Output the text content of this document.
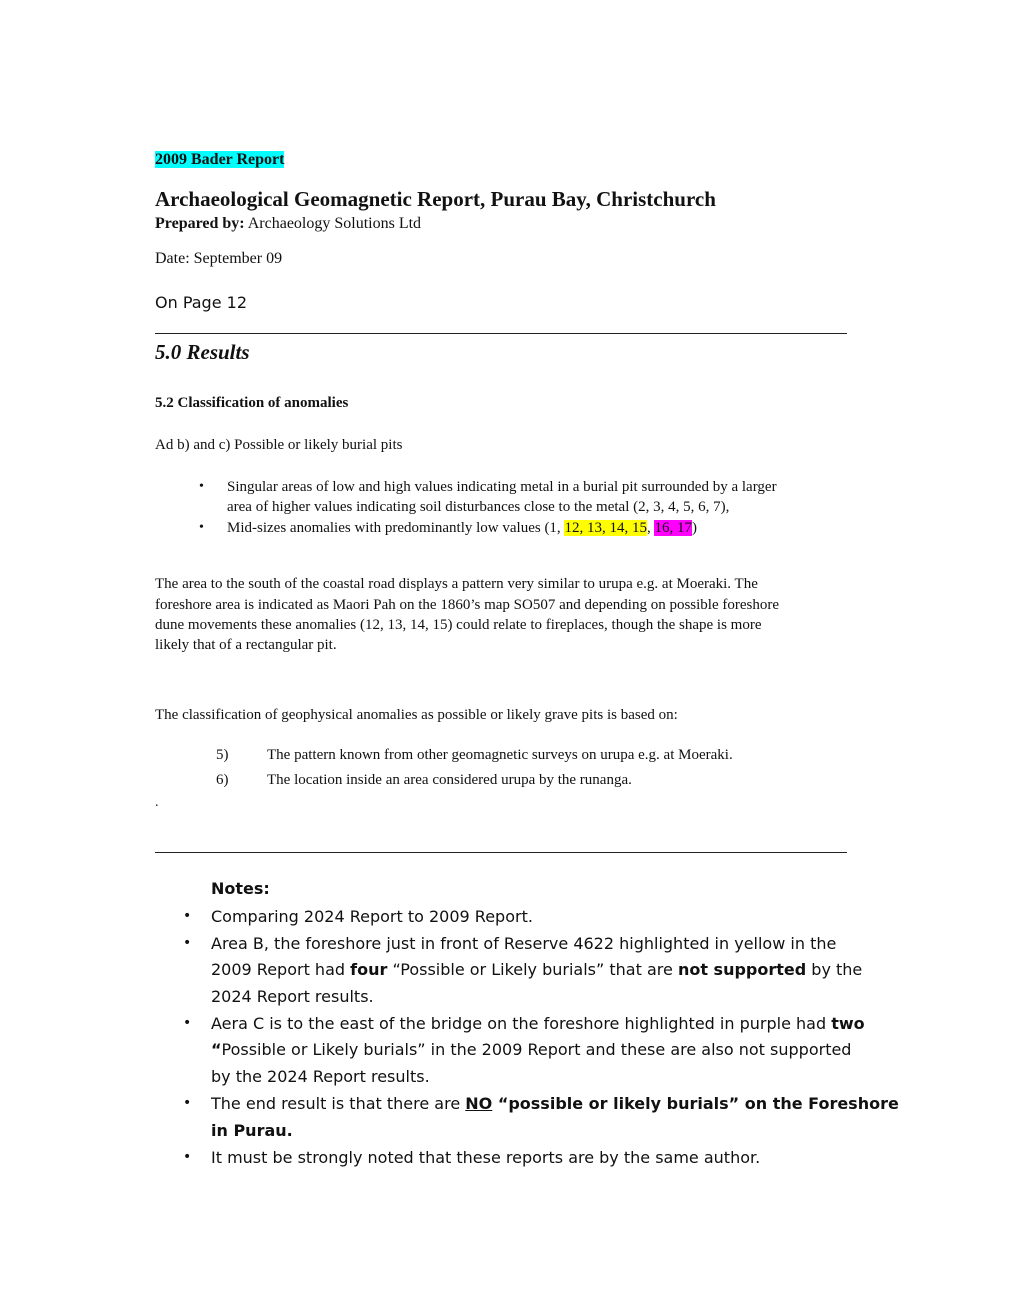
2009 Bader Report
Archaeological Geomagnetic Report, Purau Bay, Christchurch
Prepared by: Archaeology Solutions Ltd
Date: September 09
On Page 12
5.0 Results
5.2 Classification of anomalies
Ad b) and c) Possible or likely burial pits
• Singular areas of low and high values indicating metal in a burial pit surrounded by a larger
area of higher values indicating soil disturbances close to the metal (2, 3, 4, 5, 6, 7),
• Mid-sizes anomalies with predominantly low values (1, 12, 13, 14, 15, 16, 17)
The area to the south of the coastal road displays a pattern very similar to urupa e.g. at Moeraki. The
foreshore area is indicated as Maori Pah on the 1860’s map SO507 and depending on possible foreshore
dune movements these anomalies (12, 13, 14, 15) could relate to fireplaces, though the shape is more
likely that of a rectangular pit.
The classification of geophysical anomalies as possible or likely grave pits is based on:
5)	The pattern known from other geomagnetic surveys on urupa e.g. at Moeraki.
6)	The location inside an area considered urupa by the runanga.
.
Notes:
• Comparing 2024 Report to 2009 Report.
• Area B, the foreshore just in front of Reserve 4622 highlighted in yellow in the
2009 Report had four “Possible or Likely burials” that are not supported by the
2024 Report results.
• Aera C is to the east of the bridge on the foreshore highlighted in purple had two
“Possible or Likely burials” in the 2009 Report and these are also not supported
by the 2024 Report results.
• The end result is that there are NO “possible or likely burials” on the Foreshore
in Purau.
• It must be strongly noted that these reports are by the same author.
